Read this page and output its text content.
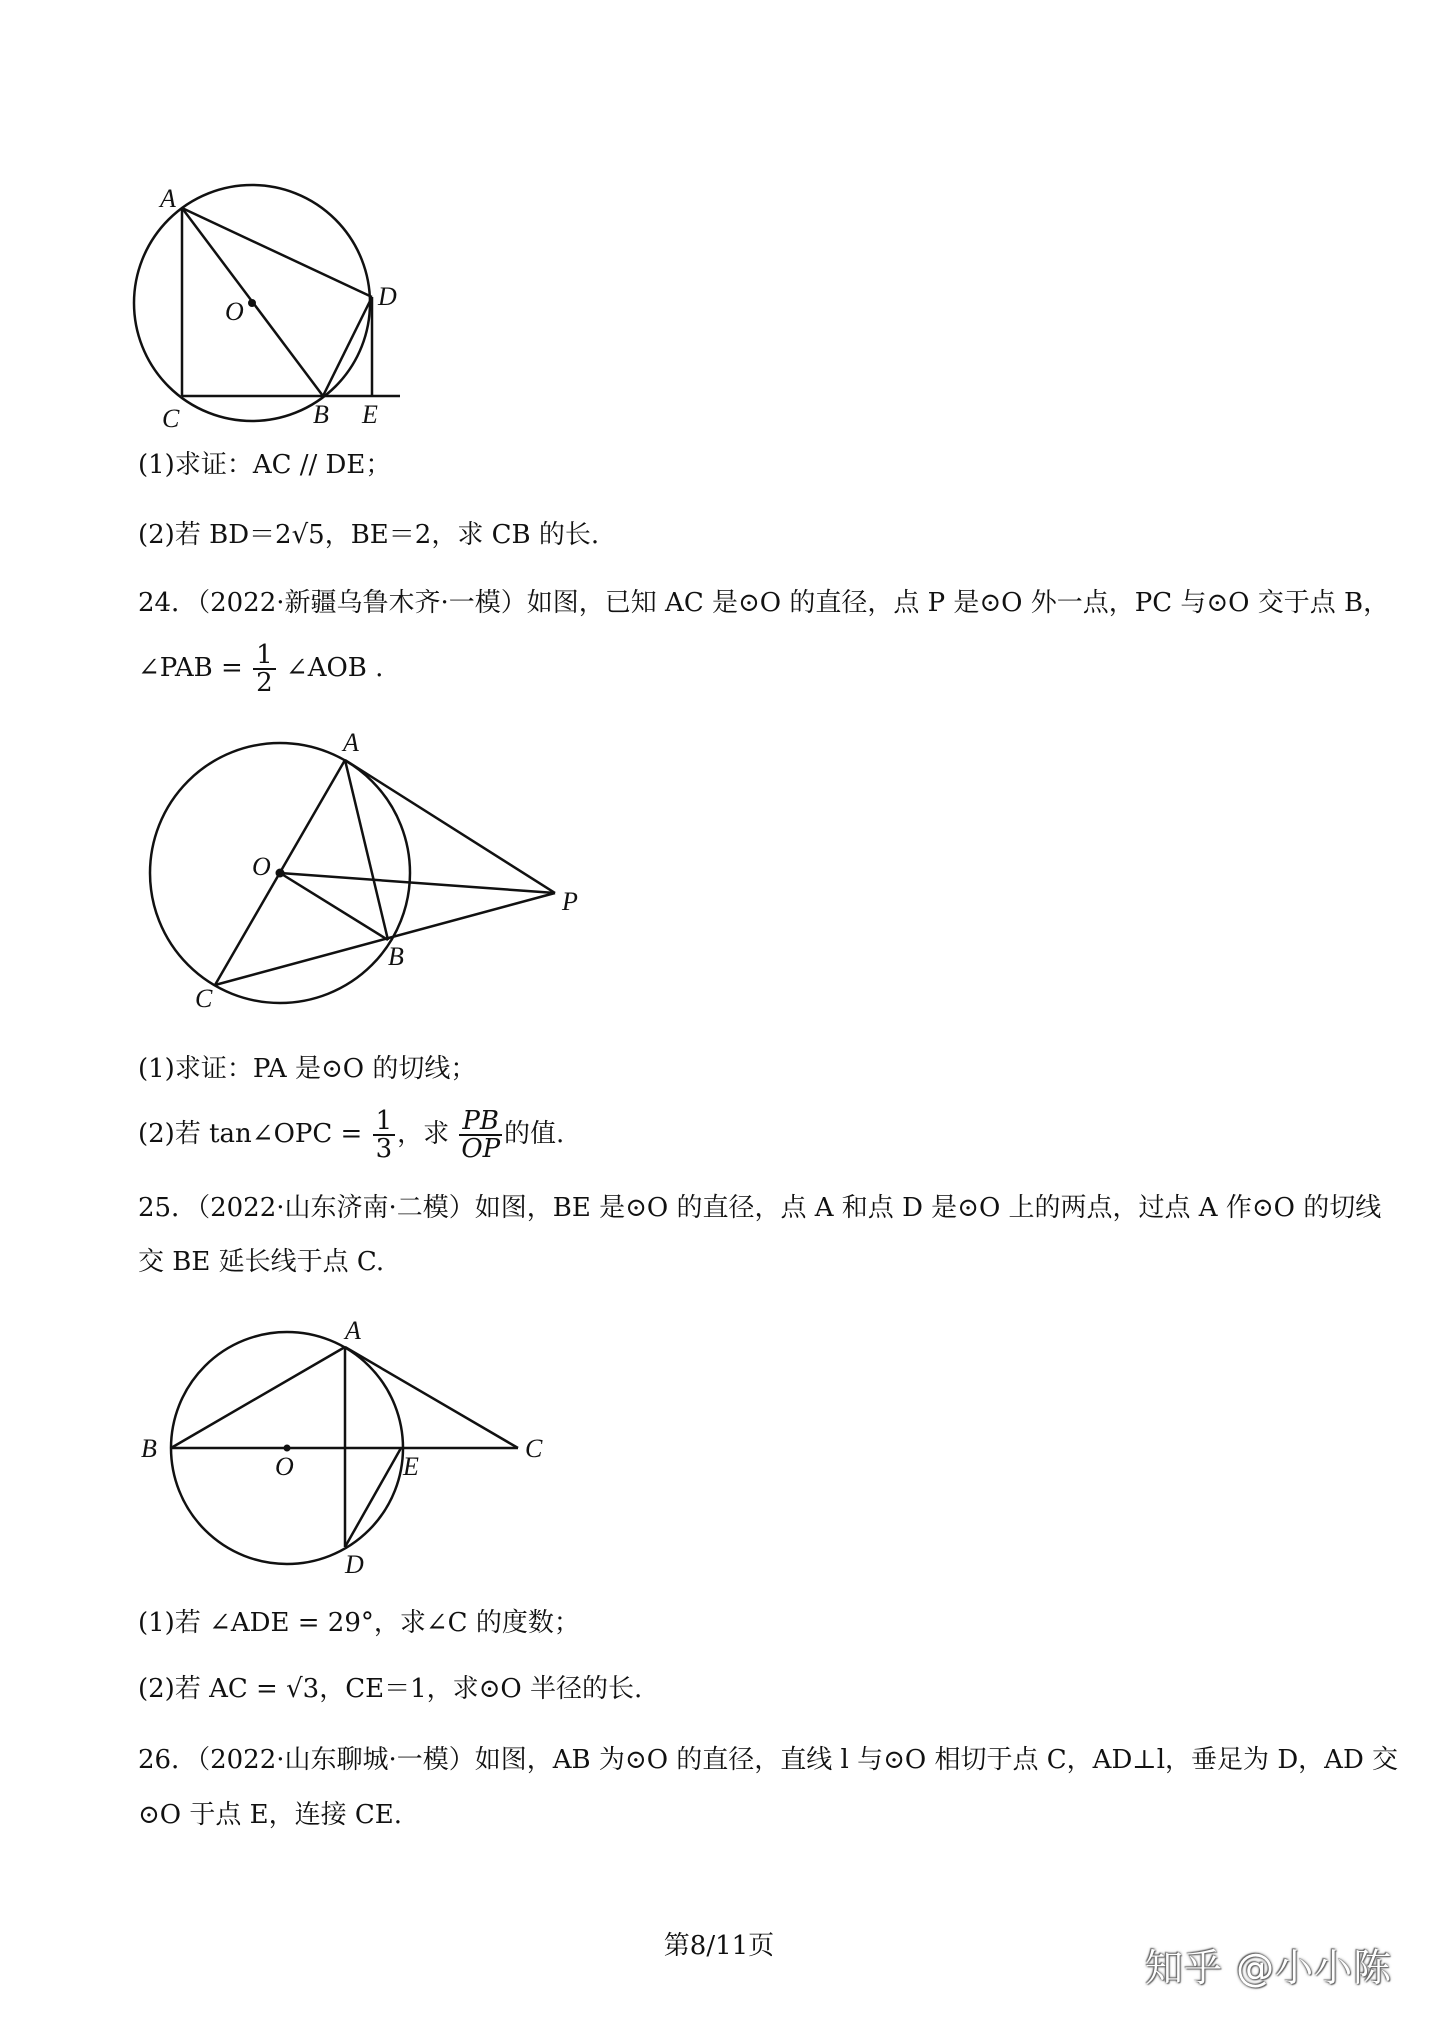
A
O
D
C	B E
(1)求证：AC // DE；
(2)若 BD＝2√5，BE＝2，求 CB 的长.
24．（2022·新疆乌鲁木齐·一模）如图，已知 AC 是⊙O 的直径，点 P 是⊙O 外一点，PC 与⊙O 交于点 B，
∠PAB = $\frac{1}{2}$ ∠AOB .
A
O
P
B
C
(1)求证：PA 是⊙O 的切线；
(2)若 tan∠OPC = $\frac{1}{3}$ ，求 $\frac{PB}{OP}$ 的值.
25．（2022·山东济南·二模）如图，BE 是⊙O 的直径，点 A 和点 D 是⊙O 上的两点，过点 A 作⊙O 的切线
交 BE 延长线于点 C.
A
B
O	E
C
D
(1)若 ∠ADE = 29°，求∠C 的度数；
(2)若 AC = √3，CE＝1，求⊙O 半径的长.
26．（2022·山东聊城·一模）如图，AB 为⊙O 的直径，直线 l 与⊙O 相切于点 C，AD⊥l，垂足为 D，AD 交
⊙O 于点 E，连接 CE.
第8/11页	知乎 @小小陈
